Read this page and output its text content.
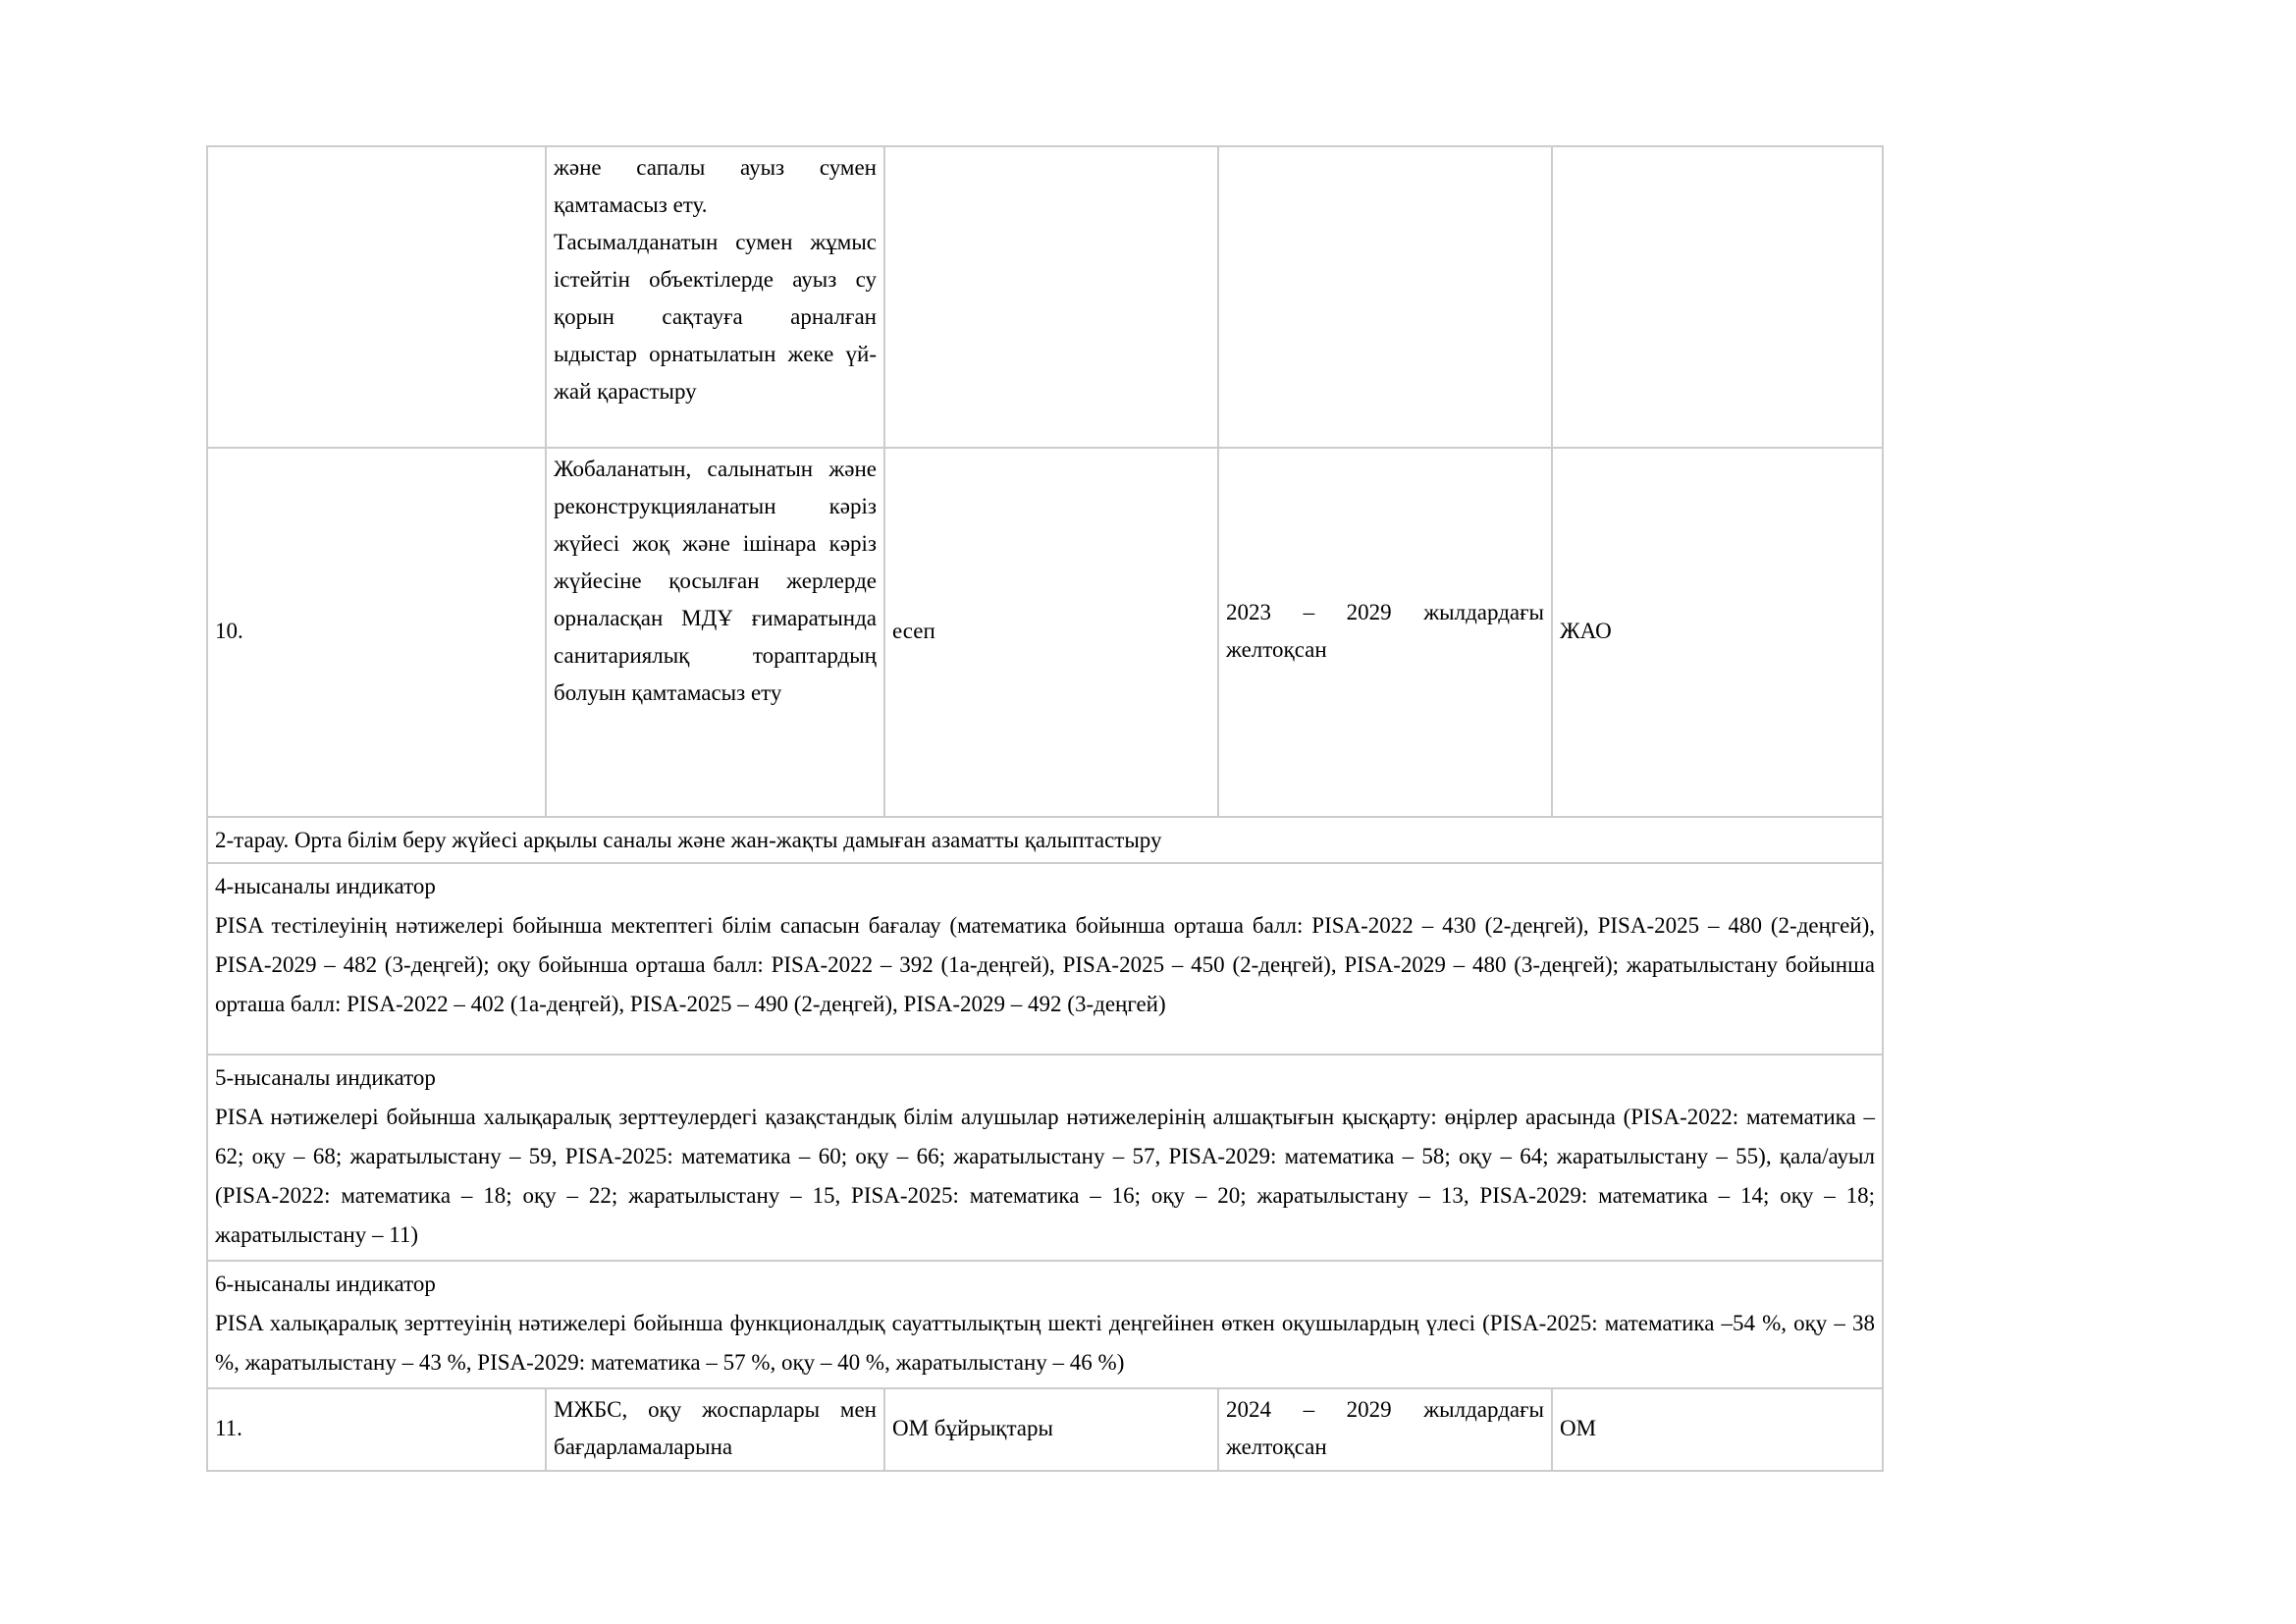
	және сапалы ауыз сумен қамтамасыз ету.
Тасымалданатын сумен жұмыс істейтін объектілерде ауыз су қорын сақтауға арналған ыдыстар орнатылатын жеке үй-жай қарастыру			

10.	Жобаланатын, салынатын және реконструкцияланатын кәріз жүйесі жоқ және ішінара кәріз жүйесіне қосылған жерлерде орналасқан МДҰ ғимаратында санитариялық тораптардың болуын қамтамасыз ету	есеп	2023 – 2029 жылдардағы желтоқсан	ЖАО
2-тарау. Орта білім беру жүйесі арқылы саналы және жан-жақты дамыған азаматты қалыптастыру				

4-нысаналы индикатор
PISA тестілеуінің нәтижелері бойынша мектептегі білім сапасын бағалау (математика бойынша орташа балл: PISA-2022 – 430 (2-деңгей), PISA-2025 – 480 (2-деңгей), PISA-2029 – 482 (3-деңгей); оқу бойынша орташа балл: PISA-2022 – 392 (1а-деңгей), PISA-2025 – 450 (2-деңгей), PISA-2029 – 480 (3-деңгей); жаратылыстану бойынша орташа балл: PISA-2022 – 402 (1а-деңгей), PISA-2025 – 490 (2-деңгей), PISA-2029 – 492 (3-деңгей)				

5-нысаналы индикатор
PISA нәтижелері бойынша халықаралық зерттеулердегі қазақстандық білім алушылар нәтижелерінің алшақтығын қысқарту: өңірлер арасында (PISA-2022: математика – 62; оқу – 68; жаратылыстану – 59, PISA-2025: математика – 60; оқу – 66; жаратылыстану – 57, PISA-2029: математика – 58; оқу – 64; жаратылыстану – 55), қала/ауыл (PISA-2022: математика – 18; оқу – 22; жаратылыстану – 15, PISA-2025: математика – 16; оқу – 20; жаратылыстану – 13, PISA-2029: математика – 14; оқу – 18; жаратылыстану – 11)				

6-нысаналы индикатор
PISA халықаралық зерттеуінің нәтижелері бойынша функционалдық сауаттылықтың шекті деңгейінен өткен оқушылардың үлесі (PISA-2025: математика –54 %, оқу – 38 %, жаратылыстану – 43 %, PISA-2029: математика – 57 %, оқу – 40 %, жаратылыстану – 46 %)				

11.	МЖБС, оқу жоспарлары мен бағдарламаларына	ОМ бұйрықтары	2024 – 2029 жылдардағы желтоқсан	ОМ
